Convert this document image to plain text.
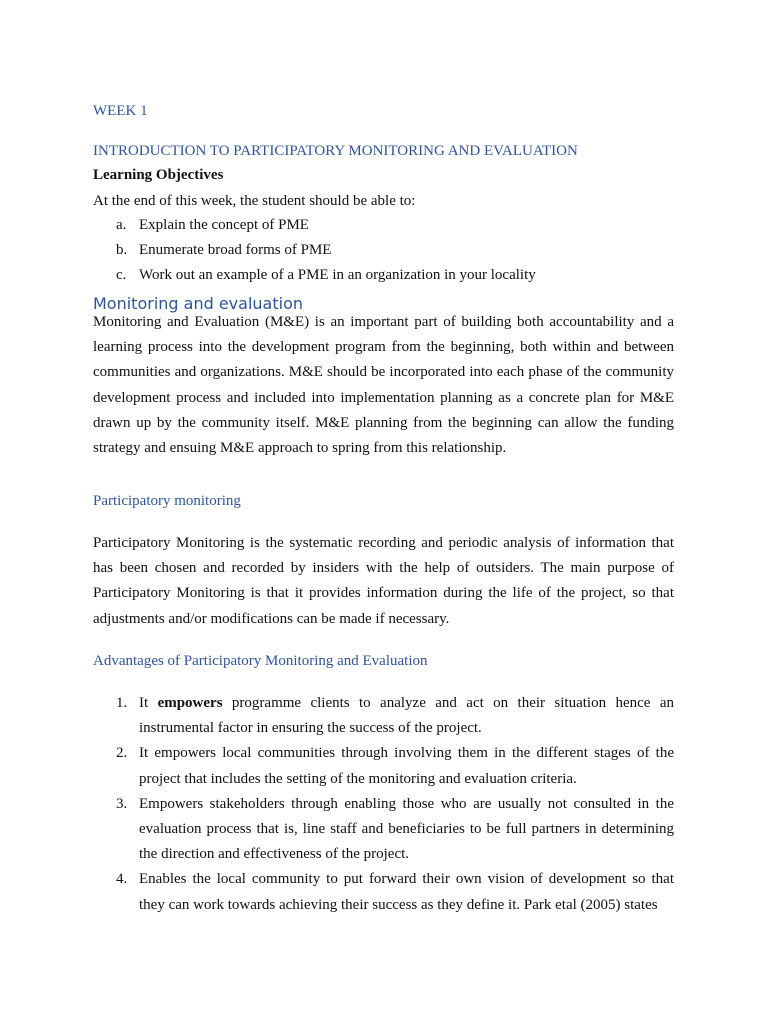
WEEK 1
INTRODUCTION TO PARTICIPATORY MONITORING AND EVALUATION
Learning Objectives
At the end of this week, the student should be able to:
a. Explain the concept of PME
b. Enumerate broad forms of PME
c. Work out an example of a PME in an organization in your locality
Monitoring and evaluation

Monitoring and Evaluation (M&E) is an important part of building both accountability and a learning process into the development program from the beginning, both within and between communities and organizations. M&E should be incorporated into each phase of the community development process and included into implementation planning as a concrete plan for M&E drawn up by the community itself. M&E planning from the beginning can allow the funding strategy and ensuing M&E approach to spring from this relationship.

Participatory monitoring

Participatory Monitoring is the systematic recording and periodic analysis of information that has been chosen and recorded by insiders with the help of outsiders. The main purpose of Participatory Monitoring is that it provides information during the life of the project, so that adjustments and/or modifications can be made if necessary.

Advantages of Participatory Monitoring and Evaluation
1. It empowers programme clients to analyze and act on their situation hence an instrumental factor in ensuring the success of the project.
2. It empowers local communities through involving them in the different stages of the project that includes the setting of the monitoring and evaluation criteria.
3. Empowers stakeholders through enabling those who are usually not consulted in the evaluation process that is, line staff and beneficiaries to be full partners in determining the direction and effectiveness of the project.
4. Enables the local community to put forward their own vision of development so that they can work towards achieving their success as they define it. Park etal (2005) states
